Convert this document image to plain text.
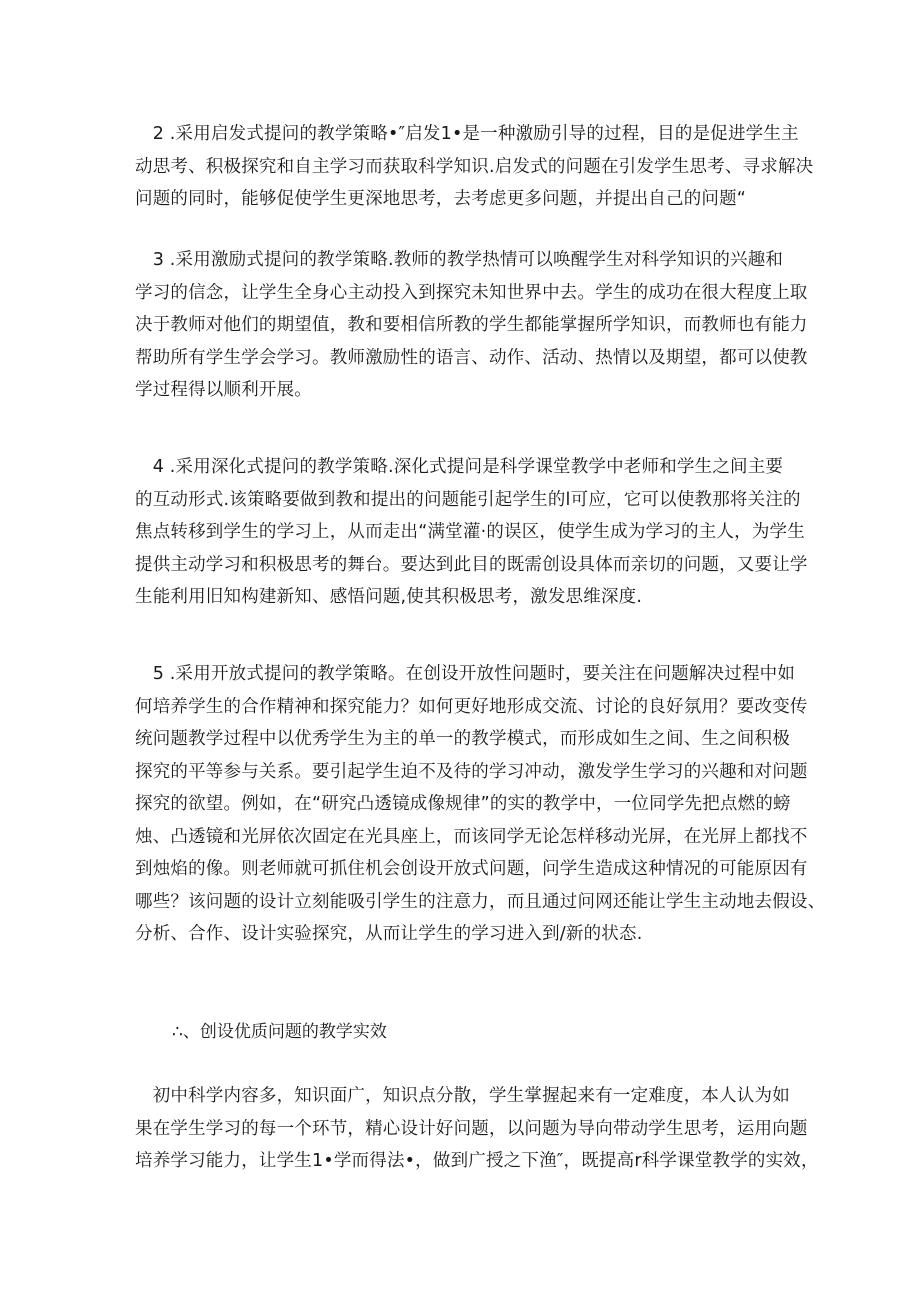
　2 .采用启发式提问的教学策略•″启发1•是一种激励引导的过程，目的是促进学生主
动思考、积极探究和自主学习而获取科学知识.启发式的问题在引发学生思考、寻求解决
问题的同时，能够促使学生更深地思考，去考虑更多问题，并提出自己的问题“

　3 .采用激励式提问的教学策略.教师的教学热情可以唤醒学生对科学知识的兴趣和
学习的信念，让学生全身心主动投入到探究未知世界中去。学生的成功在很大程度上取
决于教师对他们的期望值，教和要相信所教的学生都能掌握所学知识，而教师也有能力
帮助所有学生学会学习。教师激励性的语言、动作、活动、热情以及期望，都可以使教
学过程得以顺利开展。

　4 .采用深化式提问的教学策略.深化式提问是科学课堂教学中老师和学生之间主要
的互动形式.该策略要做到教和提出的问题能引起学生的l可应，它可以使教那将关注的
焦点转移到学生的学习上，从而走出“满堂灌·的误区，使学生成为学习的主人，为学生
提供主动学习和积极思考的舞台。要达到此目的既需创设具体而亲切的问题，又要让学
生能利用旧知构建新知、感悟问题,使其积极思考，激发思维深度.

　5 .采用开放式提问的教学策略。在创设开放性问题时，要关注在问题解决过程中如
何培养学生的合作精神和探究能力？如何更好地形成交流、讨论的良好氛用？要改变传
统问题教学过程中以优秀学生为主的单一的教学模式，而形成如生之间、生之间积极
探究的平等参与关系。要引起学生迫不及待的学习冲动，激发学生学习的兴趣和对问题
探究的欲望。例如，在“研究凸透镜成像规律”的实的教学中，一位同学先把点燃的螃
烛、凸透镜和光屏依次固定在光具座上，而该同学无论怎样移动光屏，在光屏上都找不
到烛焰的像。则老师就可抓住机会创设开放式问题，问学生造成这种情况的可能原因有
哪些？该问题的设计立刻能吸引学生的注意力，而且通过问网还能让学生主动地去假设、
分析、合作、设计实验探究，从而让学生的学习进入到/新的状态.

∴、创设优质问题的教学实效

　初中科学内容多，知识面广，知识点分散，学生掌握起来有一定难度，本人认为如
果在学生学习的每一个环节，精心设计好问题，以问题为导向带动学生思考，运用向题
培养学习能力，让学生1•学而得法•，做到广授之下渔″，既提高r科学课堂教学的实效，
